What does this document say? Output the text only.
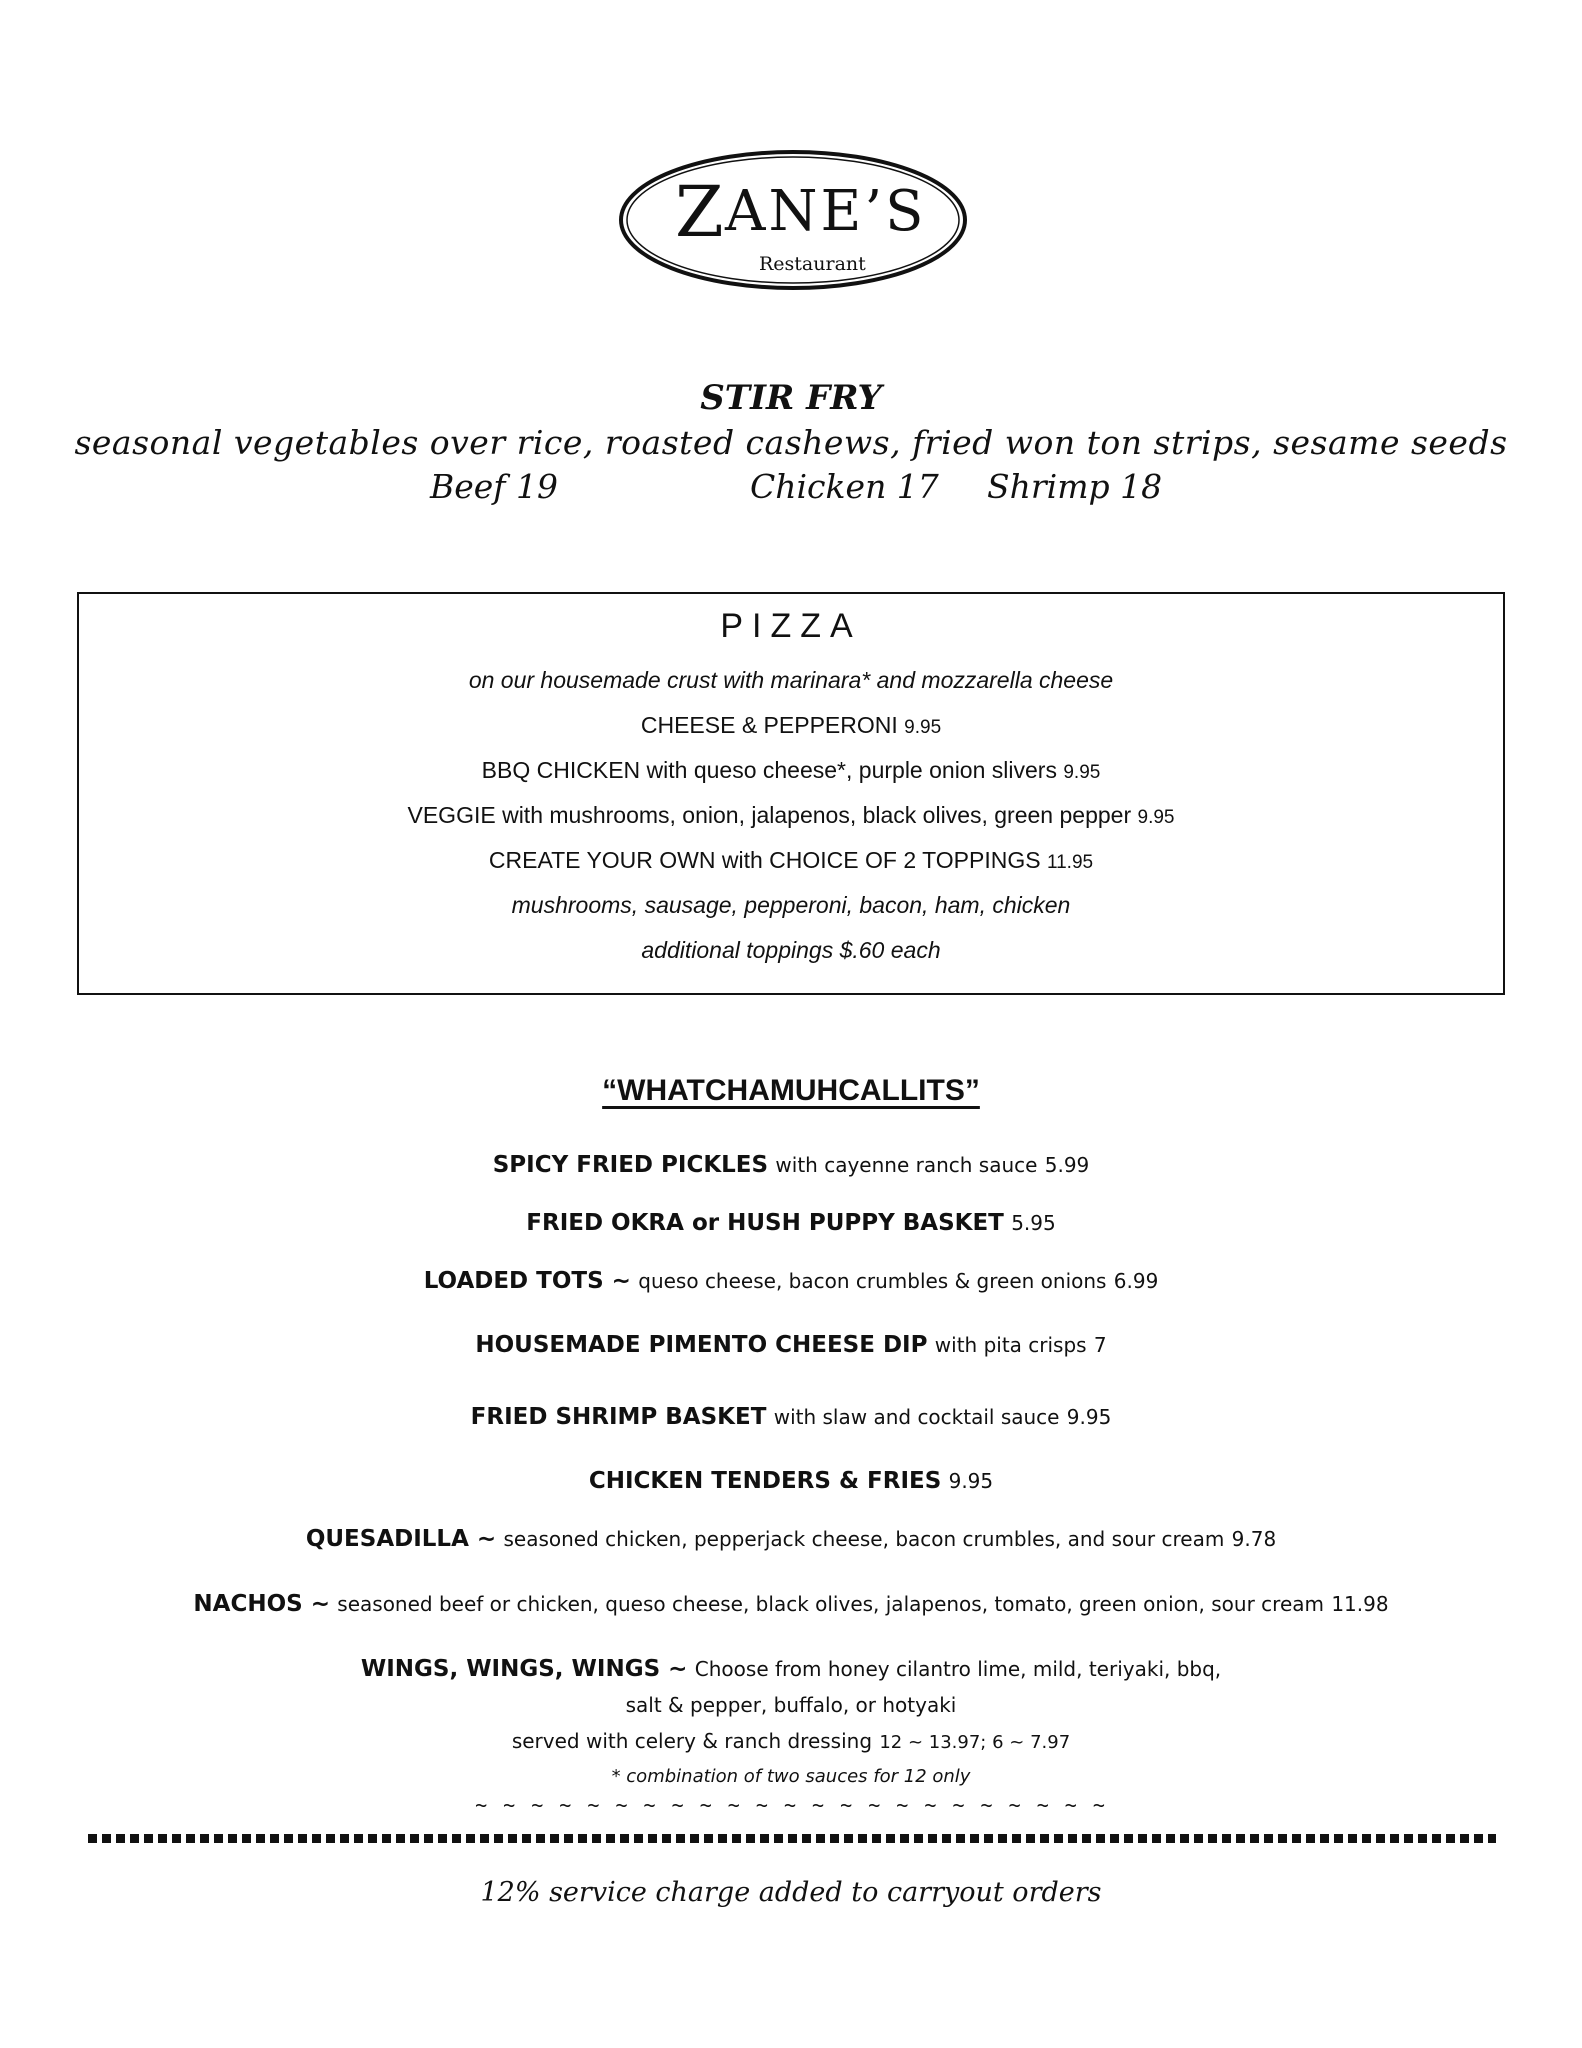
Z ANE’S
Restaurant
STIR FRY
seasonal vegetables over rice, roasted cashews, fried won ton strips, sesame seeds
Beef 19	Chicken 17 Shrimp 18
PIZZA
on our housemade crust with marinara* and mozzarella cheese
CHEESE & PEPPERONI 9.95
BBQ CHICKEN with queso cheese*, purple onion slivers 9.95
VEGGIE with mushrooms, onion, jalapenos, black olives, green pepper 9.95
CREATE YOUR OWN with CHOICE OF 2 TOPPINGS 11.95
mushrooms, sausage, pepperoni, bacon, ham, chicken
additional toppings $.60 each
“WHATCHAMUHCALLITS”
SPICY FRIED PICKLES with cayenne ranch sauce 5.99
FRIED OKRA or HUSH PUPPY BASKET 5.95
LOADED TOTS ~ queso cheese, bacon crumbles & green onions 6.99
HOUSEMADE PIMENTO CHEESE DIP with pita crisps 7
FRIED SHRIMP BASKET with slaw and cocktail sauce 9.95
CHICKEN TENDERS & FRIES 9.95
QUESADILLA ~ seasoned chicken, pepperjack cheese, bacon crumbles, and sour cream 9.78
NACHOS ~ seasoned beef or chicken, queso cheese, black olives, jalapenos, tomato, green onion, sour cream 11.98
WINGS, WINGS, WINGS ~ Choose from honey cilantro lime, mild, teriyaki, bbq,
salt & pepper, buffalo, or hotyaki
served with celery & ranch dressing 12 ~ 13.97; 6 ~ 7.97
* combination of two sauces for 12 only
~ ~ ~ ~ ~ ~ ~ ~ ~ ~ ~ ~ ~ ~ ~ ~ ~ ~ ~ ~ ~ ~ ~
12% service charge added to carryout orders
